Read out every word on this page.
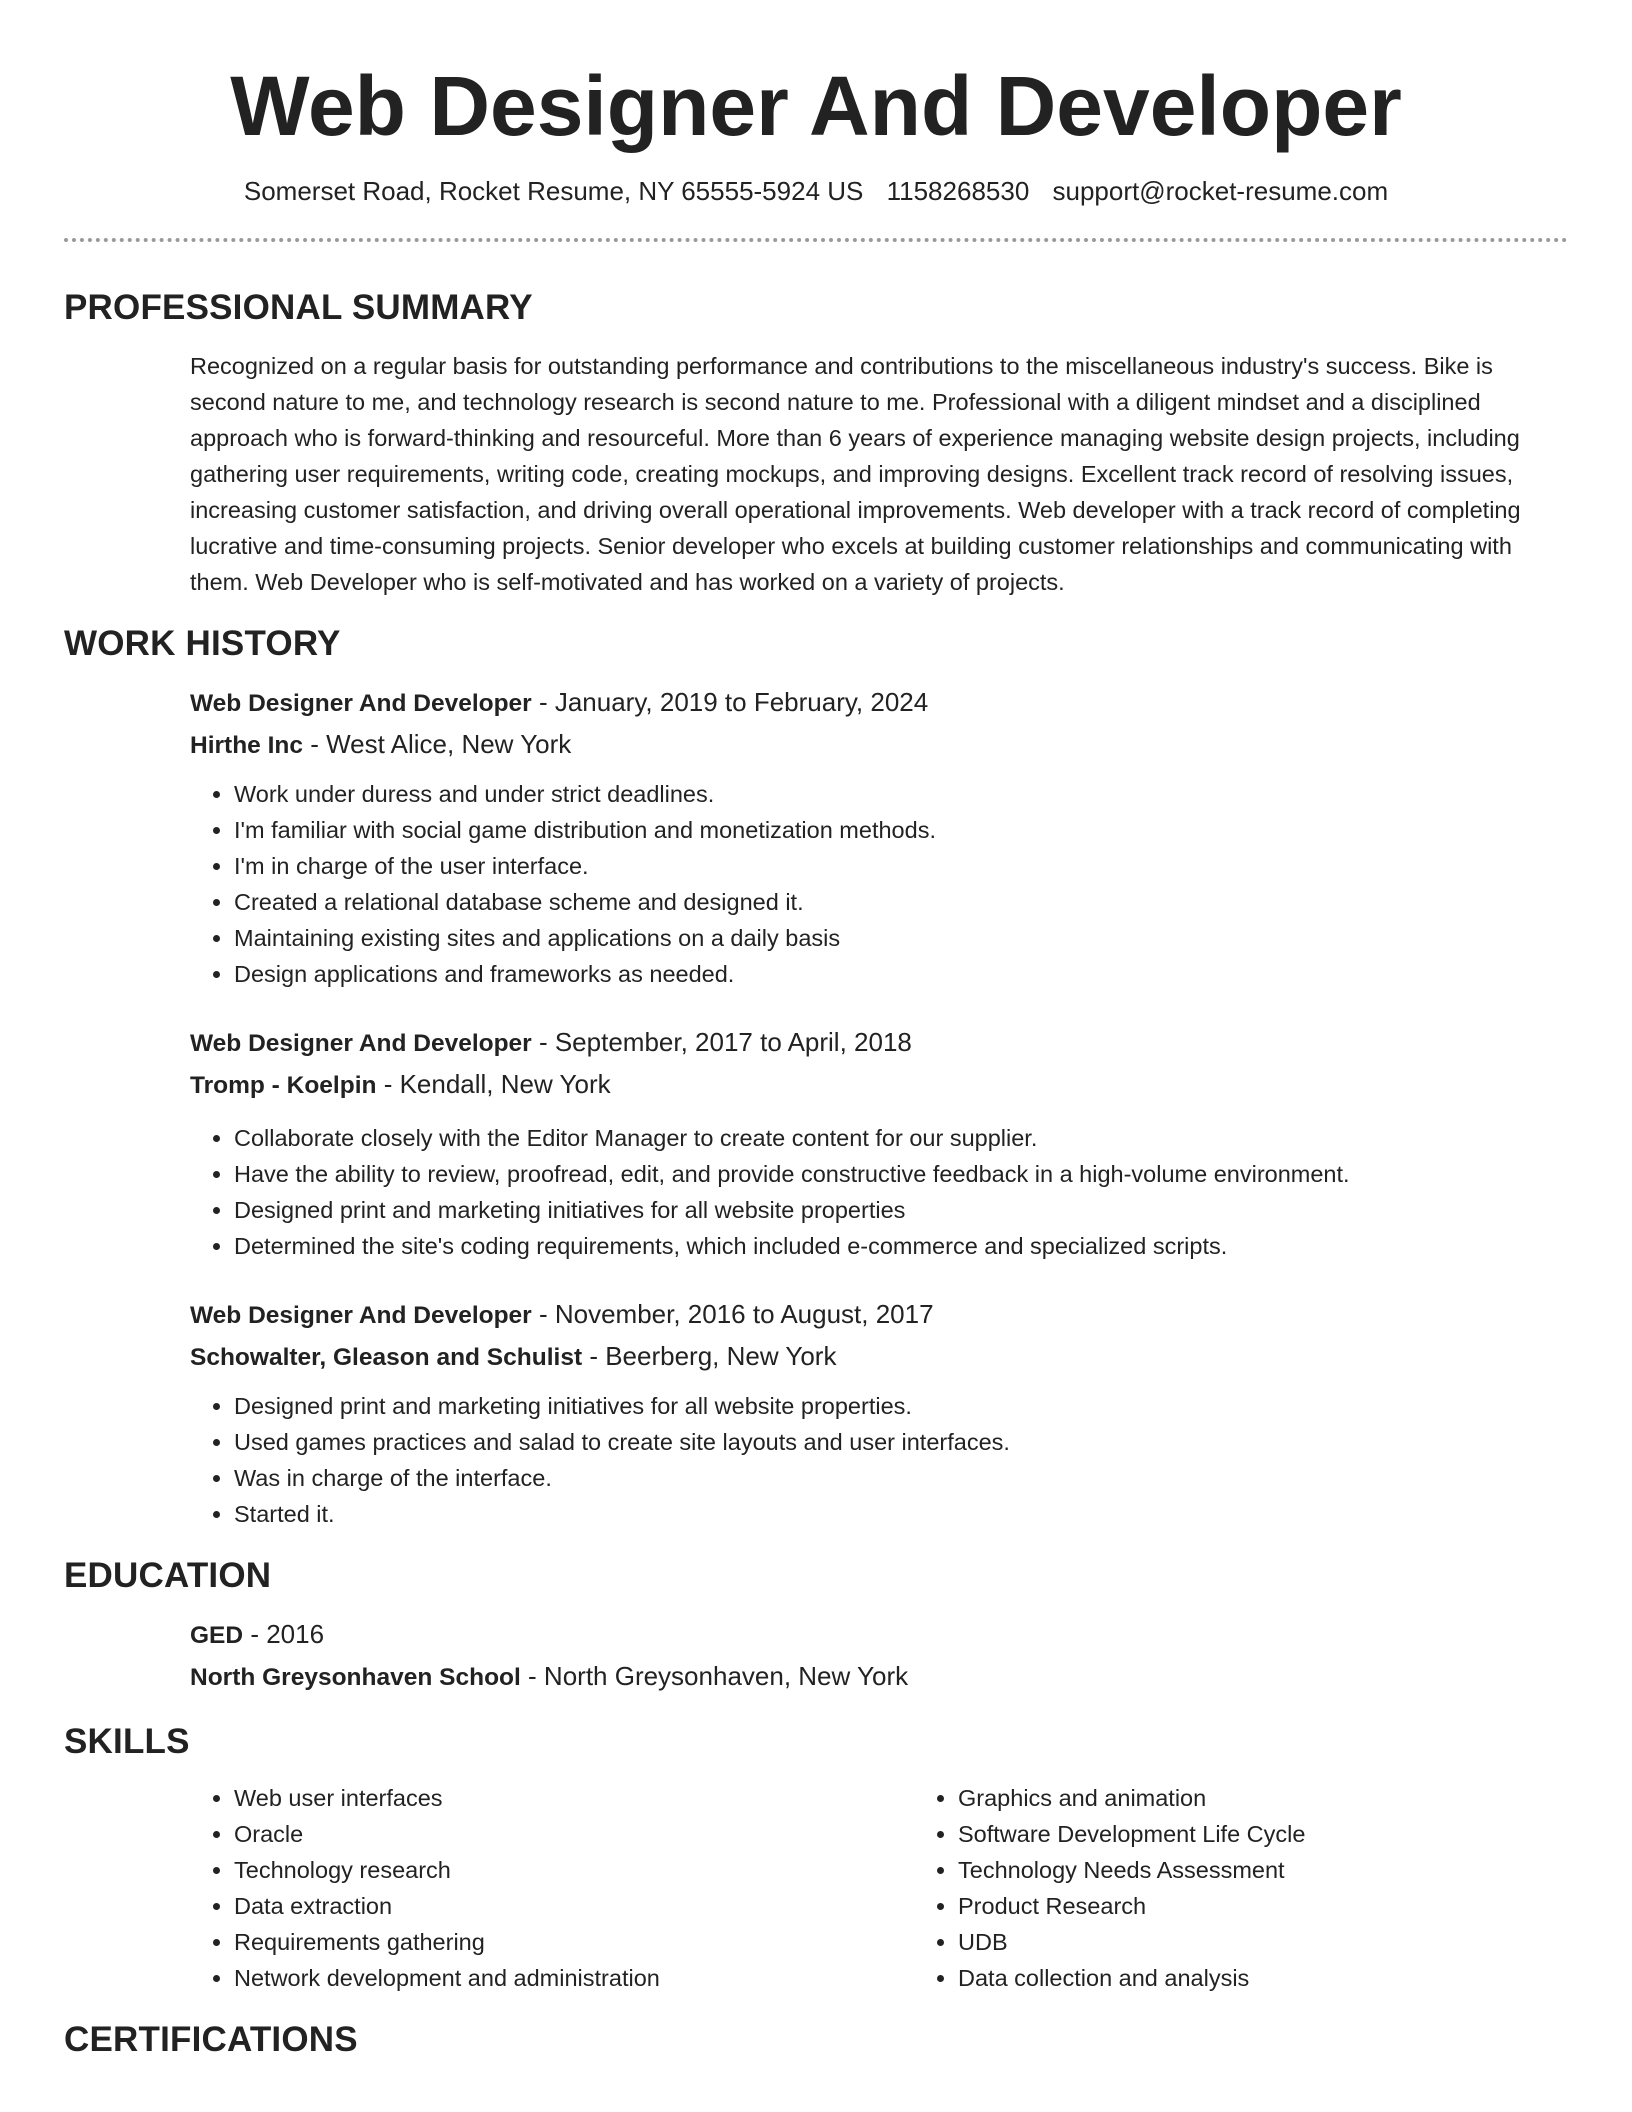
Web Designer And Developer
Somerset Road, Rocket Resume, NY 65555-5924 US 1158268530 support@rocket-resume.com
PROFESSIONAL SUMMARY

Recognized on a regular basis for outstanding performance and contributions to the miscellaneous industry's success. Bike is second nature to me, and technology research is second nature to me. Professional with a diligent mindset and a disciplined approach who is forward-thinking and resourceful. More than 6 years of experience managing website design projects, including gathering user requirements, writing code, creating mockups, and improving designs. Excellent track record of resolving issues, increasing customer satisfaction, and driving overall operational improvements. Web developer with a track record of completing lucrative and time-consuming projects. Senior developer who excels at building customer relationships and communicating with them. Web Developer who is self-motivated and has worked on a variety of projects.

WORK HISTORY
Web Designer And Developer - January, 2019 to February, 2024
Hirthe Inc - West Alice, New York
• Work under duress and under strict deadlines.
• I'm familiar with social game distribution and monetization methods.
• I'm in charge of the user interface.
• Created a relational database scheme and designed it.
• Maintaining existing sites and applications on a daily basis
• Design applications and frameworks as needed.
Web Designer And Developer - September, 2017 to April, 2018
Tromp - Koelpin - Kendall, New York
• Collaborate closely with the Editor Manager to create content for our supplier.
• Have the ability to review, proofread, edit, and provide constructive feedback in a high-volume environment.
• Designed print and marketing initiatives for all website properties
• Determined the site's coding requirements, which included e-commerce and specialized scripts.
Web Designer And Developer - November, 2016 to August, 2017
Schowalter, Gleason and Schulist - Beerberg, New York
• Designed print and marketing initiatives for all website properties.
• Used games practices and salad to create site layouts and user interfaces.
• Was in charge of the interface.
• Started it.
EDUCATION
GED - 2016
North Greysonhaven School - North Greysonhaven, New York
SKILLS
• Web user interfaces
• Oracle
• Technology research
• Data extraction
• Requirements gathering
• Network development and administration
• Graphics and animation
• Software Development Life Cycle
• Technology Needs Assessment
• Product Research
• UDB
• Data collection and analysis
CERTIFICATIONS
